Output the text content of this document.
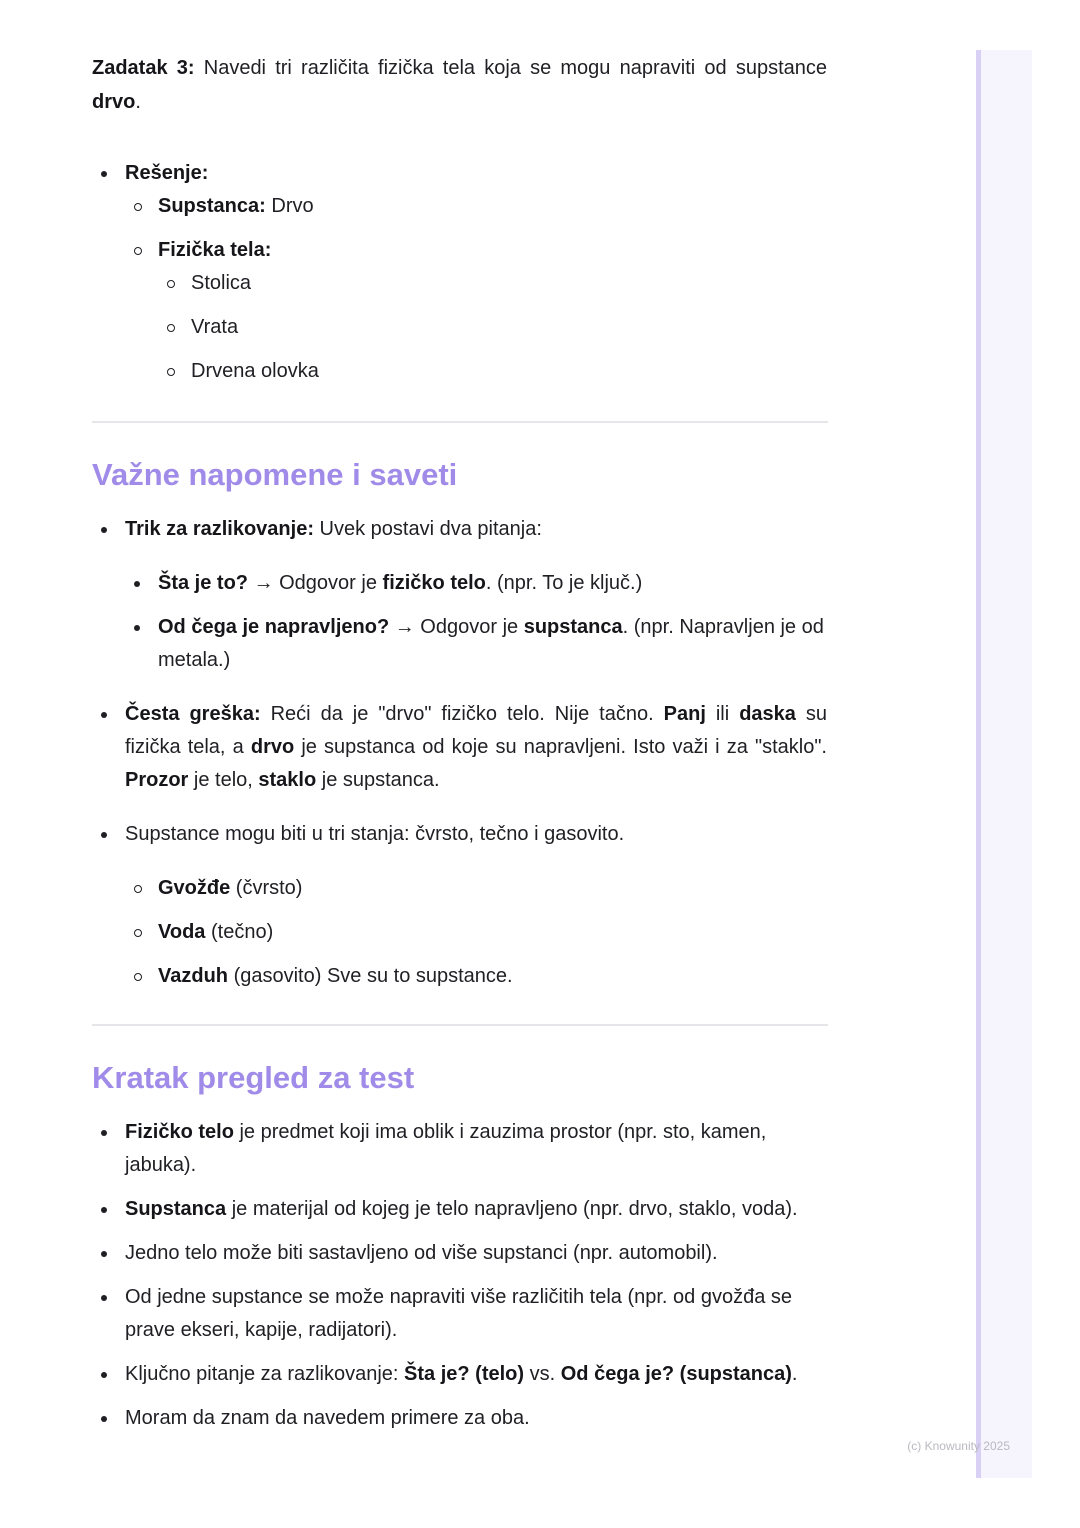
Zadatak 3: Navedi tri različita fizička tela koja se mogu napraviti od supstance drvo.

Rešenje:
Supstanca: Drvo
Fizička tela:
Stolica
Vrata
Drvena olovka
Važne napomene i saveti
Trik za razlikovanje: Uvek postavi dva pitanja:
Šta je to? → Odgovor je fizičko telo. (npr. To je ključ.)
Od čega je napravljeno? → Odgovor je supstanca. (npr. Napravljen je od metala.)
Česta greška: Reći da je "drvo" fizičko telo. Nije tačno. Panj ili daska su fizička tela, a drvo je supstanca od koje su napravljeni. Isto važi i za "staklo". Prozor je telo, staklo je supstanca.
Supstance mogu biti u tri stanja: čvrsto, tečno i gasovito.
Gvožđe (čvrsto)
Voda (tečno)
Vazduh (gasovito) Sve su to supstance.
Kratak pregled za test
Fizičko telo je predmet koji ima oblik i zauzima prostor (npr. sto, kamen, jabuka).
Supstanca je materijal od kojeg je telo napravljeno (npr. drvo, staklo, voda).
Jedno telo može biti sastavljeno od više supstanci (npr. automobil).
Od jedne supstance se može napraviti više različitih tela (npr. od gvožđa se prave ekseri, kapije, radijatori).
Ključno pitanje za razlikovanje: Šta je? (telo) vs. Od čega je? (supstanca).
Moram da znam da navedem primere za oba.
(c) Knowunity 2025
